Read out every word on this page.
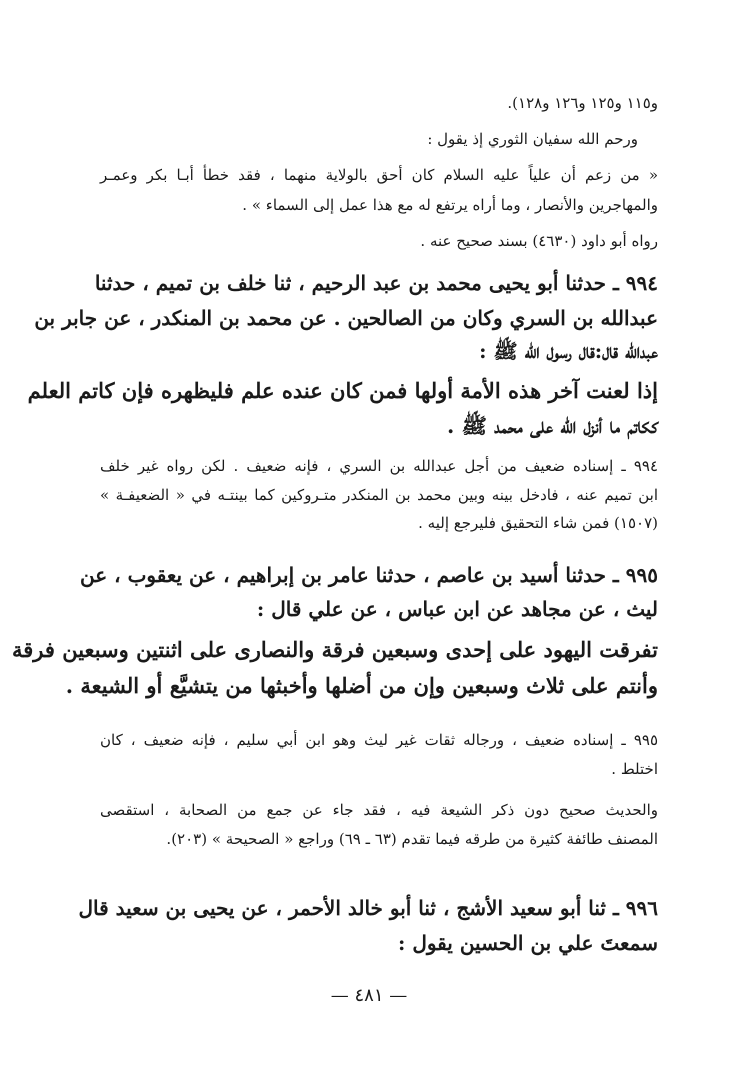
و١١٥ و١٢٥ و١٢٦ و١٢٨).
ورحم الله سفيان الثوري إذ يقول :
« من زعم أن علياً عليه السلام كان أحق بالولاية منهما ، فقد خطأ أبـا بكر وعمـر
والمهاجرين والأنصار ، وما أراه يرتفع له مع هذا عمل إلى السماء » .
رواه أبو داود (٤٦٣٠) بسند صحيح عنه .
٩٩٤ ـ حدثنا أبو يحيى محمد بن عبد الرحيم ، ثنا خلف بن تميم ، حدثنا
عبدالله بن السري وكان من الصالحين . عن محمد بن المنكدر ، عن جابر بن
عبدالله قال:قال رسول الله ﷺ :
إذا لعنت آخر هذه الأمة أولها فمن كان عنده علم فليظهره فإن كاتم العلم
ككاتم ما أنزل الله على محمد ﷺ .
٩٩٤ ـ إسناده ضعيف من أجل عبدالله بن السري ، فإنه ضعيف . لكن رواه غير خلف
ابن تميم عنه ، فادخل بينه وبين محمد بن المنكدر متـروكين كما بينتـه في « الضعيفـة »
(١٥٠٧) فمن شاء التحقيق فليرجع إليه .
٩٩٥ ـ حدثنا أسيد بن عاصم ، حدثنا عامر بن إبراهيم ، عن يعقوب ، عن
ليث ، عن مجاهد عن ابن عباس ، عن علي قال :
تفرقت اليهود على إحدى وسبعين فرقة والنصارى على اثنتين وسبعين فرقة
وأنتم على ثلاث وسبعين وإن من أضلها وأخبثها من يتشيَّع أو الشيعة .
٩٩٥ ـ إسناده ضعيف ، ورجاله ثقات غير ليث وهو ابن أبي سليم ، فإنه ضعيف ، كان
اختلط .
والحديث صحيح دون ذكر الشيعة فيه ، فقد جاء عن جمع من الصحابة ، استقصى
المصنف طائفة كثيرة من طرقه فيما تقدم (٦٣ ـ ٦٩) وراجع « الصحيحة » (٢٠٣).
٩٩٦ ـ ثنا أبو سعيد الأشج ، ثنا أبو خالد الأحمر ، عن يحيى بن سعيد قال
سمعتَ علي بن الحسين يقول :
— ٤٨١ —
